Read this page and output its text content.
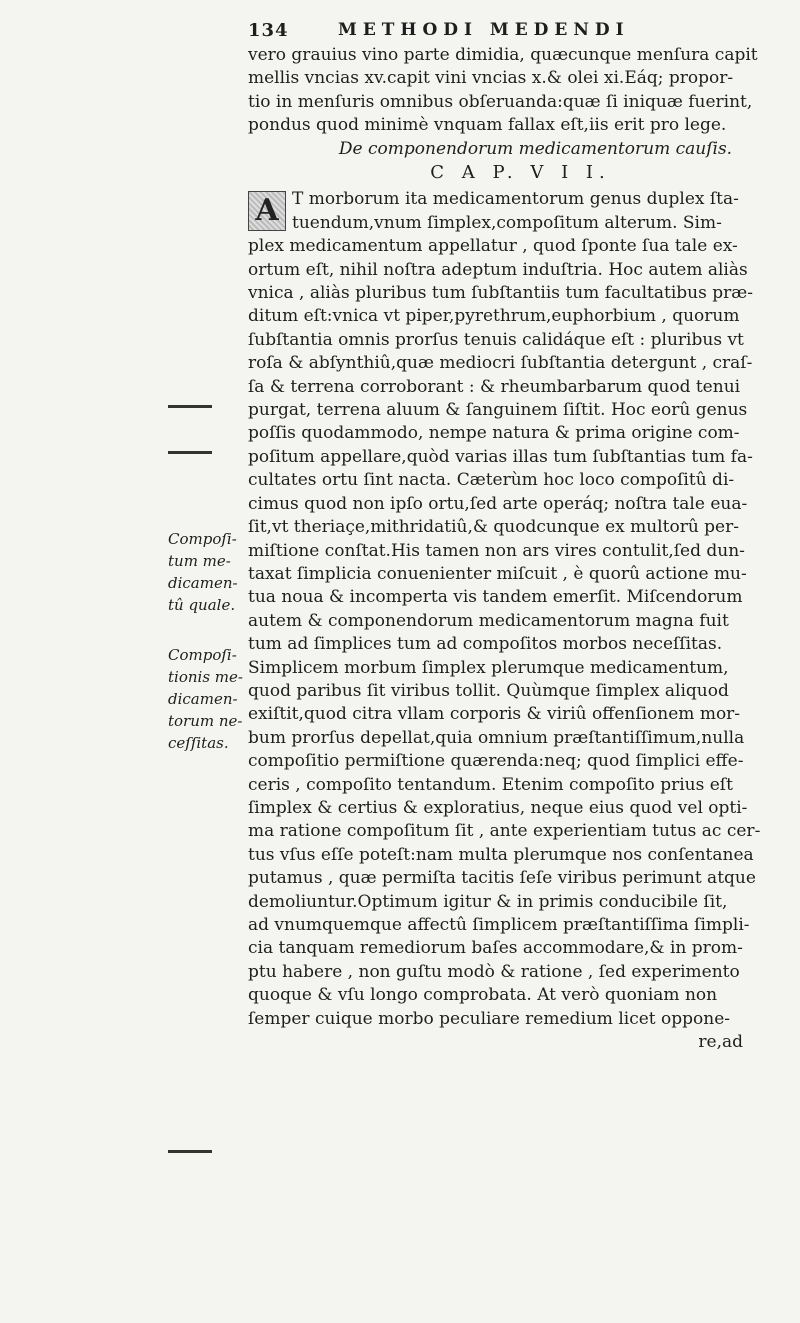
134	METHODI MEDENDI
vero grauius vino parte dimidia, quæcunque menſura capit
mellis vncias xv.capit vini vncias x.& olei xi.Eáq; propor-
tio in menſuris omnibus obſeruanda:quæ ſi iniquæ fuerint,
pondus quod minimè vnquam fallax eſt,iis erit pro lege.
De componendorum medicamentorum cauſis.
C A P. V I I.
A T morborum ita medicamentorum genus duplex ſta-
tuendum,vnum ſimplex,compoſitum alterum. Sim-
plex medicamentum appellatur , quod ſponte ſua tale ex-
ortum eſt, nihil noſtra adeptum induſtria. Hoc autem aliàs
vnica , aliàs pluribus tum ſubſtantiis tum facultatibus præ-
ditum eſt:vnica vt piper,pyrethrum,euphorbium , quorum
ſubſtantia omnis prorſus tenuis calidáque eſt : pluribus vt
roſa & abſynthiû,quæ mediocri ſubſtantia detergunt , craſ-
ſa & terrena corroborant : & rheumbarbarum quod tenui
purgat, terrena aluum & ſanguinem ſiſtit. Hoc eorû genus
poſſis quodammodo, nempe natura & prima origine com-
poſitum appellare,quòd varias illas tum ſubſtantias tum fa-
cultates ortu ſint nacta. Cæterùm hoc loco compoſitû di-
cimus quod non ipſo ortu,ſed arte operáq; noſtra tale eua-
ſit,vt theriaçe,mithridatiû,& quodcunque ex multorû per-
miſtione conſtat.His tamen non ars vires contulit,ſed dun-
taxat ſimplicia conuenienter miſcuit , è quorû actione mu-
tua noua & incomperta vis tandem emerſit. Miſcendorum
autem & componendorum medicamentorum magna fuit
tum ad ſimplices tum ad compoſitos morbos neceſſitas.
Simplicem morbum ſimplex plerumque medicamentum,
quod paribus ſit viribus tollit. Quùmque ſimplex aliquod
exiſtit,quod citra vllam corporis & viriû offenſionem mor-
bum prorſus depellat,quia omnium præſtantiſſimum,nulla
compoſitio permiſtione quærenda:neq; quod ſimplici effe-
ceris , compoſito tentandum. Etenim compoſito prius eſt
ſimplex & certius & exploratius, neque eius quod vel opti-
ma ratione compoſitum ſit , ante experientiam tutus ac cer-
tus vſus eſſe poteſt:nam multa plerumque nos conſentanea
putamus , quæ permiſta tacitis ſeſe viribus perimunt atque
demoliuntur.Optimum igitur & in primis conducibile ſit,
ad vnumquemque affectû ſimplicem præſtantiſſima ſimpli-
cia tanquam remediorum baſes accommodare,& in prom-
ptu habere , non guſtu modò & ratione , ſed experimento
quoque & vſu longo comprobata. At verò quoniam non
ſemper cuique morbo peculiare remedium licet oppone-
re,ad
Compoſi-
tum me-
dicamen-
tû quale.
Compoſi-
tionis me-
dicamen-
torum ne-
ceſſitas.
